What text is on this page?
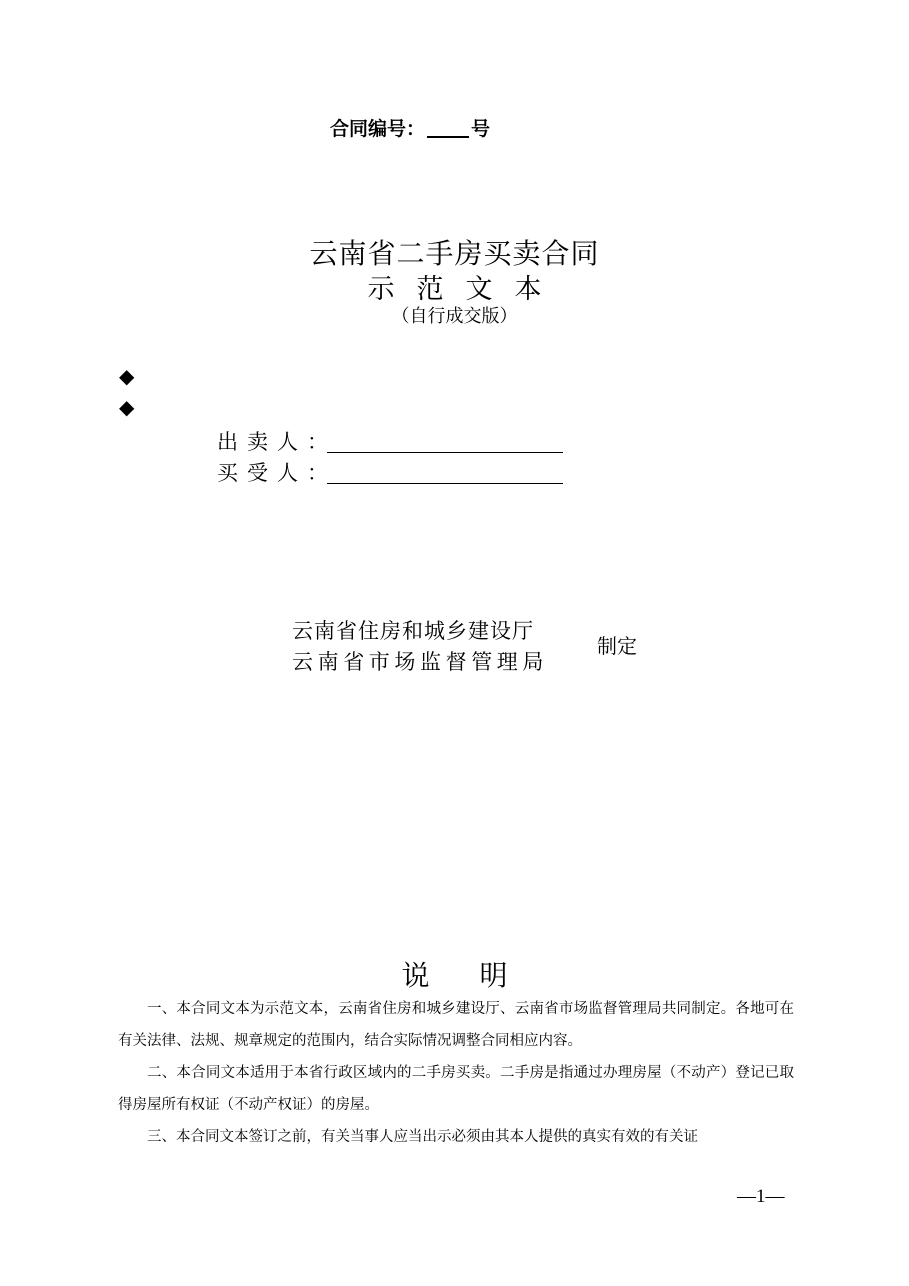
合同编号： 号
云南省二手房买卖合同
示范文本
（自行成交版）
◆
◆
出卖人：
买受人：
云南省住房和城乡建设厅
云南省市场监督管理局
制定
说明

一、本合同文本为示范文本，云南省住房和城乡建设厅、云南省市场监督管理局共同制定。各地可在有关法律、法规、规章规定的范围内，结合实际情况调整合同相应内容。

二、本合同文本适用于本省行政区域内的二手房买卖。二手房是指通过办理房屋（不动产）登记已取得房屋所有权证（不动产权证）的房屋。

三、本合同文本签订之前，有关当事人应当出示必须由其本人提供的真实有效的有关证

—1—
